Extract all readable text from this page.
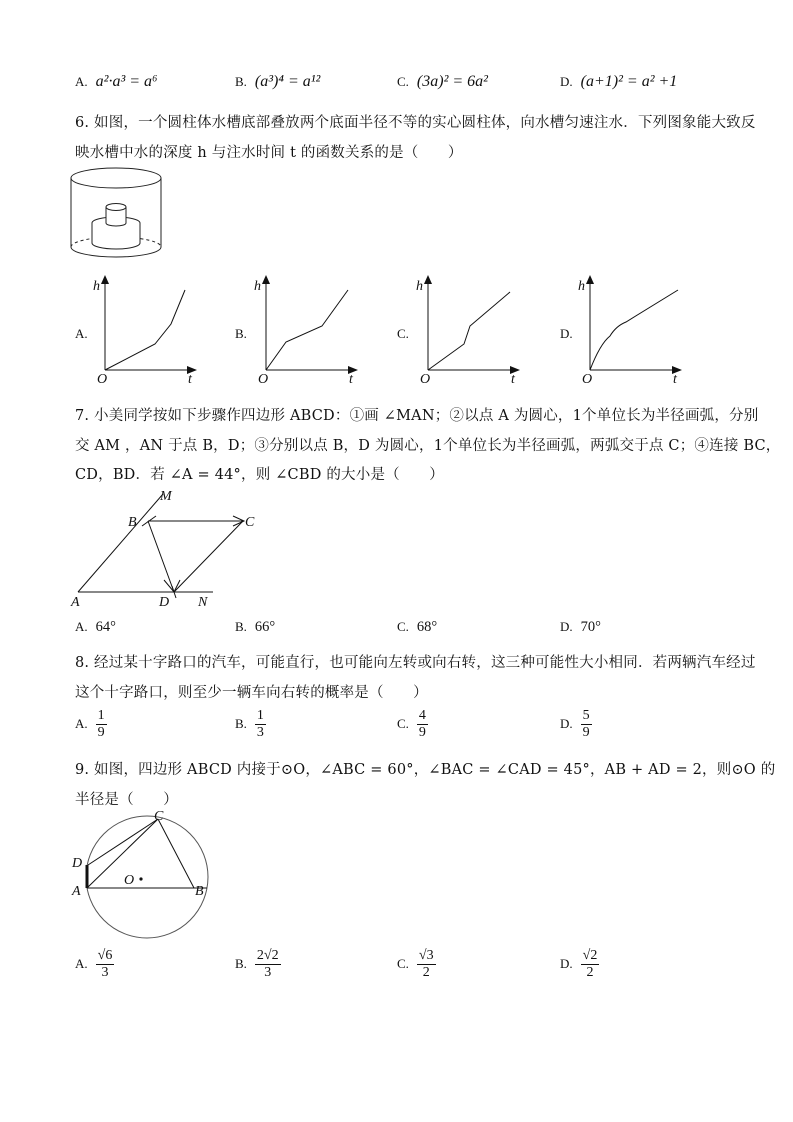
A. a²·a³ = a⁶	B. (a³)⁴ = a¹²	C. (3a)² = 6a²	D. (a+1)² = a² +1
6. 如图，一个圆柱体水槽底部叠放两个底面半径不等的实心圆柱体，向水槽匀速注水．下列图象能大致反
映水槽中水的深度 h 与注水时间 t 的函数关系的是（　　）
A.
h
O	t
B.
h
O	t
C.
h
O	t
D.
h
O	t
7. 小美同学按如下步骤作四边形 ABCD：①画 ∠MAN；②以点 A 为圆心，1个单位长为半径画弧，分别
交 AM ，AN 于点 B，D；③分别以点 B，D 为圆心，1个单位长为半径画弧，两弧交于点 C；④连接 BC，
CD，BD．若 ∠A = 44°，则 ∠CBD 的大小是（　　）
A
B	C
D
M
N
A. 64°	B. 66°	C. 68°	D. 70°
8. 经过某十字路口的汽车，可能直行，也可能向左转或向右转，这三种可能性大小相同．若两辆汽车经过
这个十字路口，则至少一辆车向右转的概率是（　　）
A. $\frac{1}{9}$	B. $\frac{1}{3}$	C. $\frac{4}{9}$	D. $\frac{5}{9}$
9. 如图，四边形 ABCD 内接于⊙O，∠ABC = 60°，∠BAC = ∠CAD = 45°，AB + AD = 2，则⊙O 的
半径是（　　）
C
D
A	B
O
A. $\frac{√6}{3}$	B. $\frac{2√2}{3}$	C. $\frac{√3}{2}$	D. $\frac{√2}{2}$
